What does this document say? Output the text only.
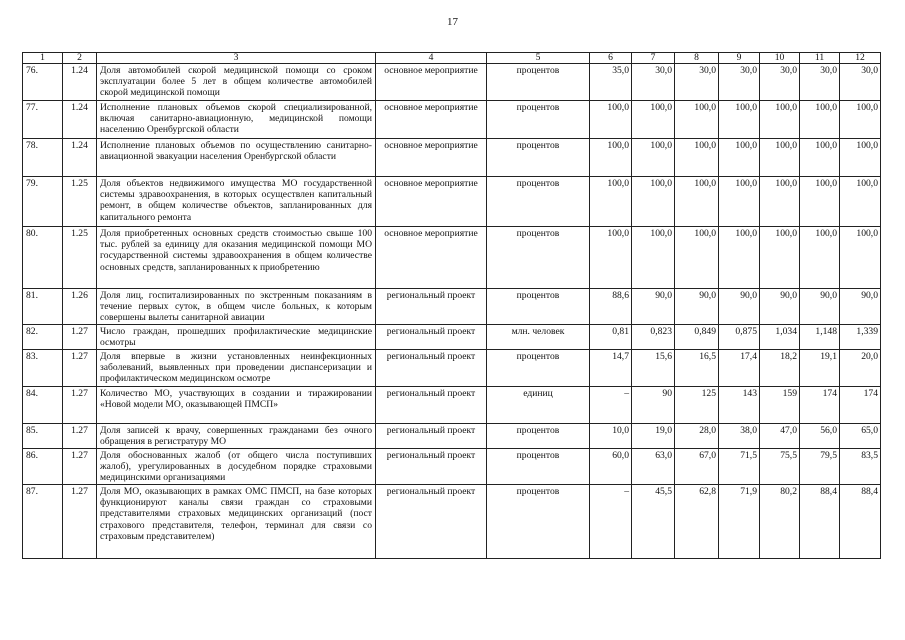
17
1	2	3	4	5	6	7	8	9	10	11	12
76.	1.24	Доля автомобилей скорой медицинской помощи со сроком эксплуатации более 5 лет в общем количестве автомобилей скорой медицинской помощи	основное мероприятие	процентов	35,0	30,0	30,0	30,0	30,0	30,0	30,0
77.	1.24	Исполнение плановых объемов скорой специализированной, включая санитарно-авиационную, медицинской помощи населению Оренбургской области	основное мероприятие	процентов	100,0	100,0	100,0	100,0	100,0	100,0	100,0
78.	1.24	Исполнение плановых объемов по осуществлению санитарно-авиационной эвакуации населения Оренбургской области	основное мероприятие	процентов	100,0	100,0	100,0	100,0	100,0	100,0	100,0
79.	1.25	Доля объектов недвижимого имущества МО государственной системы здравоохранения, в которых осуществлен капитальный ремонт, в общем количестве объектов, запланированных для капитального ремонта	основное мероприятие	процентов	100,0	100,0	100,0	100,0	100,0	100,0	100,0
80.	1.25	Доля приобретенных основных средств стоимостью свыше 100 тыс. рублей за единицу для оказания медицинской помощи МО государственной системы здравоохранения в общем количестве основных средств, запланированных к приобретению	основное мероприятие	процентов	100,0	100,0	100,0	100,0	100,0	100,0	100,0
81.	1.26	Доля лиц, госпитализированных по экстренным показаниям в течение первых суток, в общем числе больных, к которым совершены вылеты санитарной авиации	региональный проект	процентов	88,6	90,0	90,0	90,0	90,0	90,0	90,0
82.	1.27	Число граждан, прошедших профилактические медицинские осмотры	региональный проект	млн. человек	0,81	0,823	0,849	0,875	1,034	1,148	1,339
83.	1.27	Доля впервые в жизни установленных неинфекционных заболеваний, выявленных при проведении диспансеризации и профилактическом медицинском осмотре	региональный проект	процентов	14,7	15,6	16,5	17,4	18,2	19,1	20,0
84.	1.27	Количество МО, участвующих в создании и тиражировании «Новой модели МО, оказывающей ПМСП»	региональный проект	единиц	–	90	125	143	159	174	174
85.	1.27	Доля записей к врачу, совершенных гражданами без очного обращения в регистратуру МО	региональный проект	процентов	10,0	19,0	28,0	38,0	47,0	56,0	65,0
86.	1.27	Доля обоснованных жалоб (от общего числа поступивших жалоб), урегулированных в досудебном порядке страховыми медицинскими организациями	региональный проект	процентов	60,0	63,0	67,0	71,5	75,5	79,5	83,5
87.	1.27	Доля МО, оказывающих в рамках ОМС ПМСП, на базе которых функционируют каналы связи граждан со страховыми представителями страховых медицинских организаций (пост страхового представителя, телефон, терминал для связи со страховым представителем)	региональный проект	процентов	–	45,5	62,8	71,9	80,2	88,4	88,4
